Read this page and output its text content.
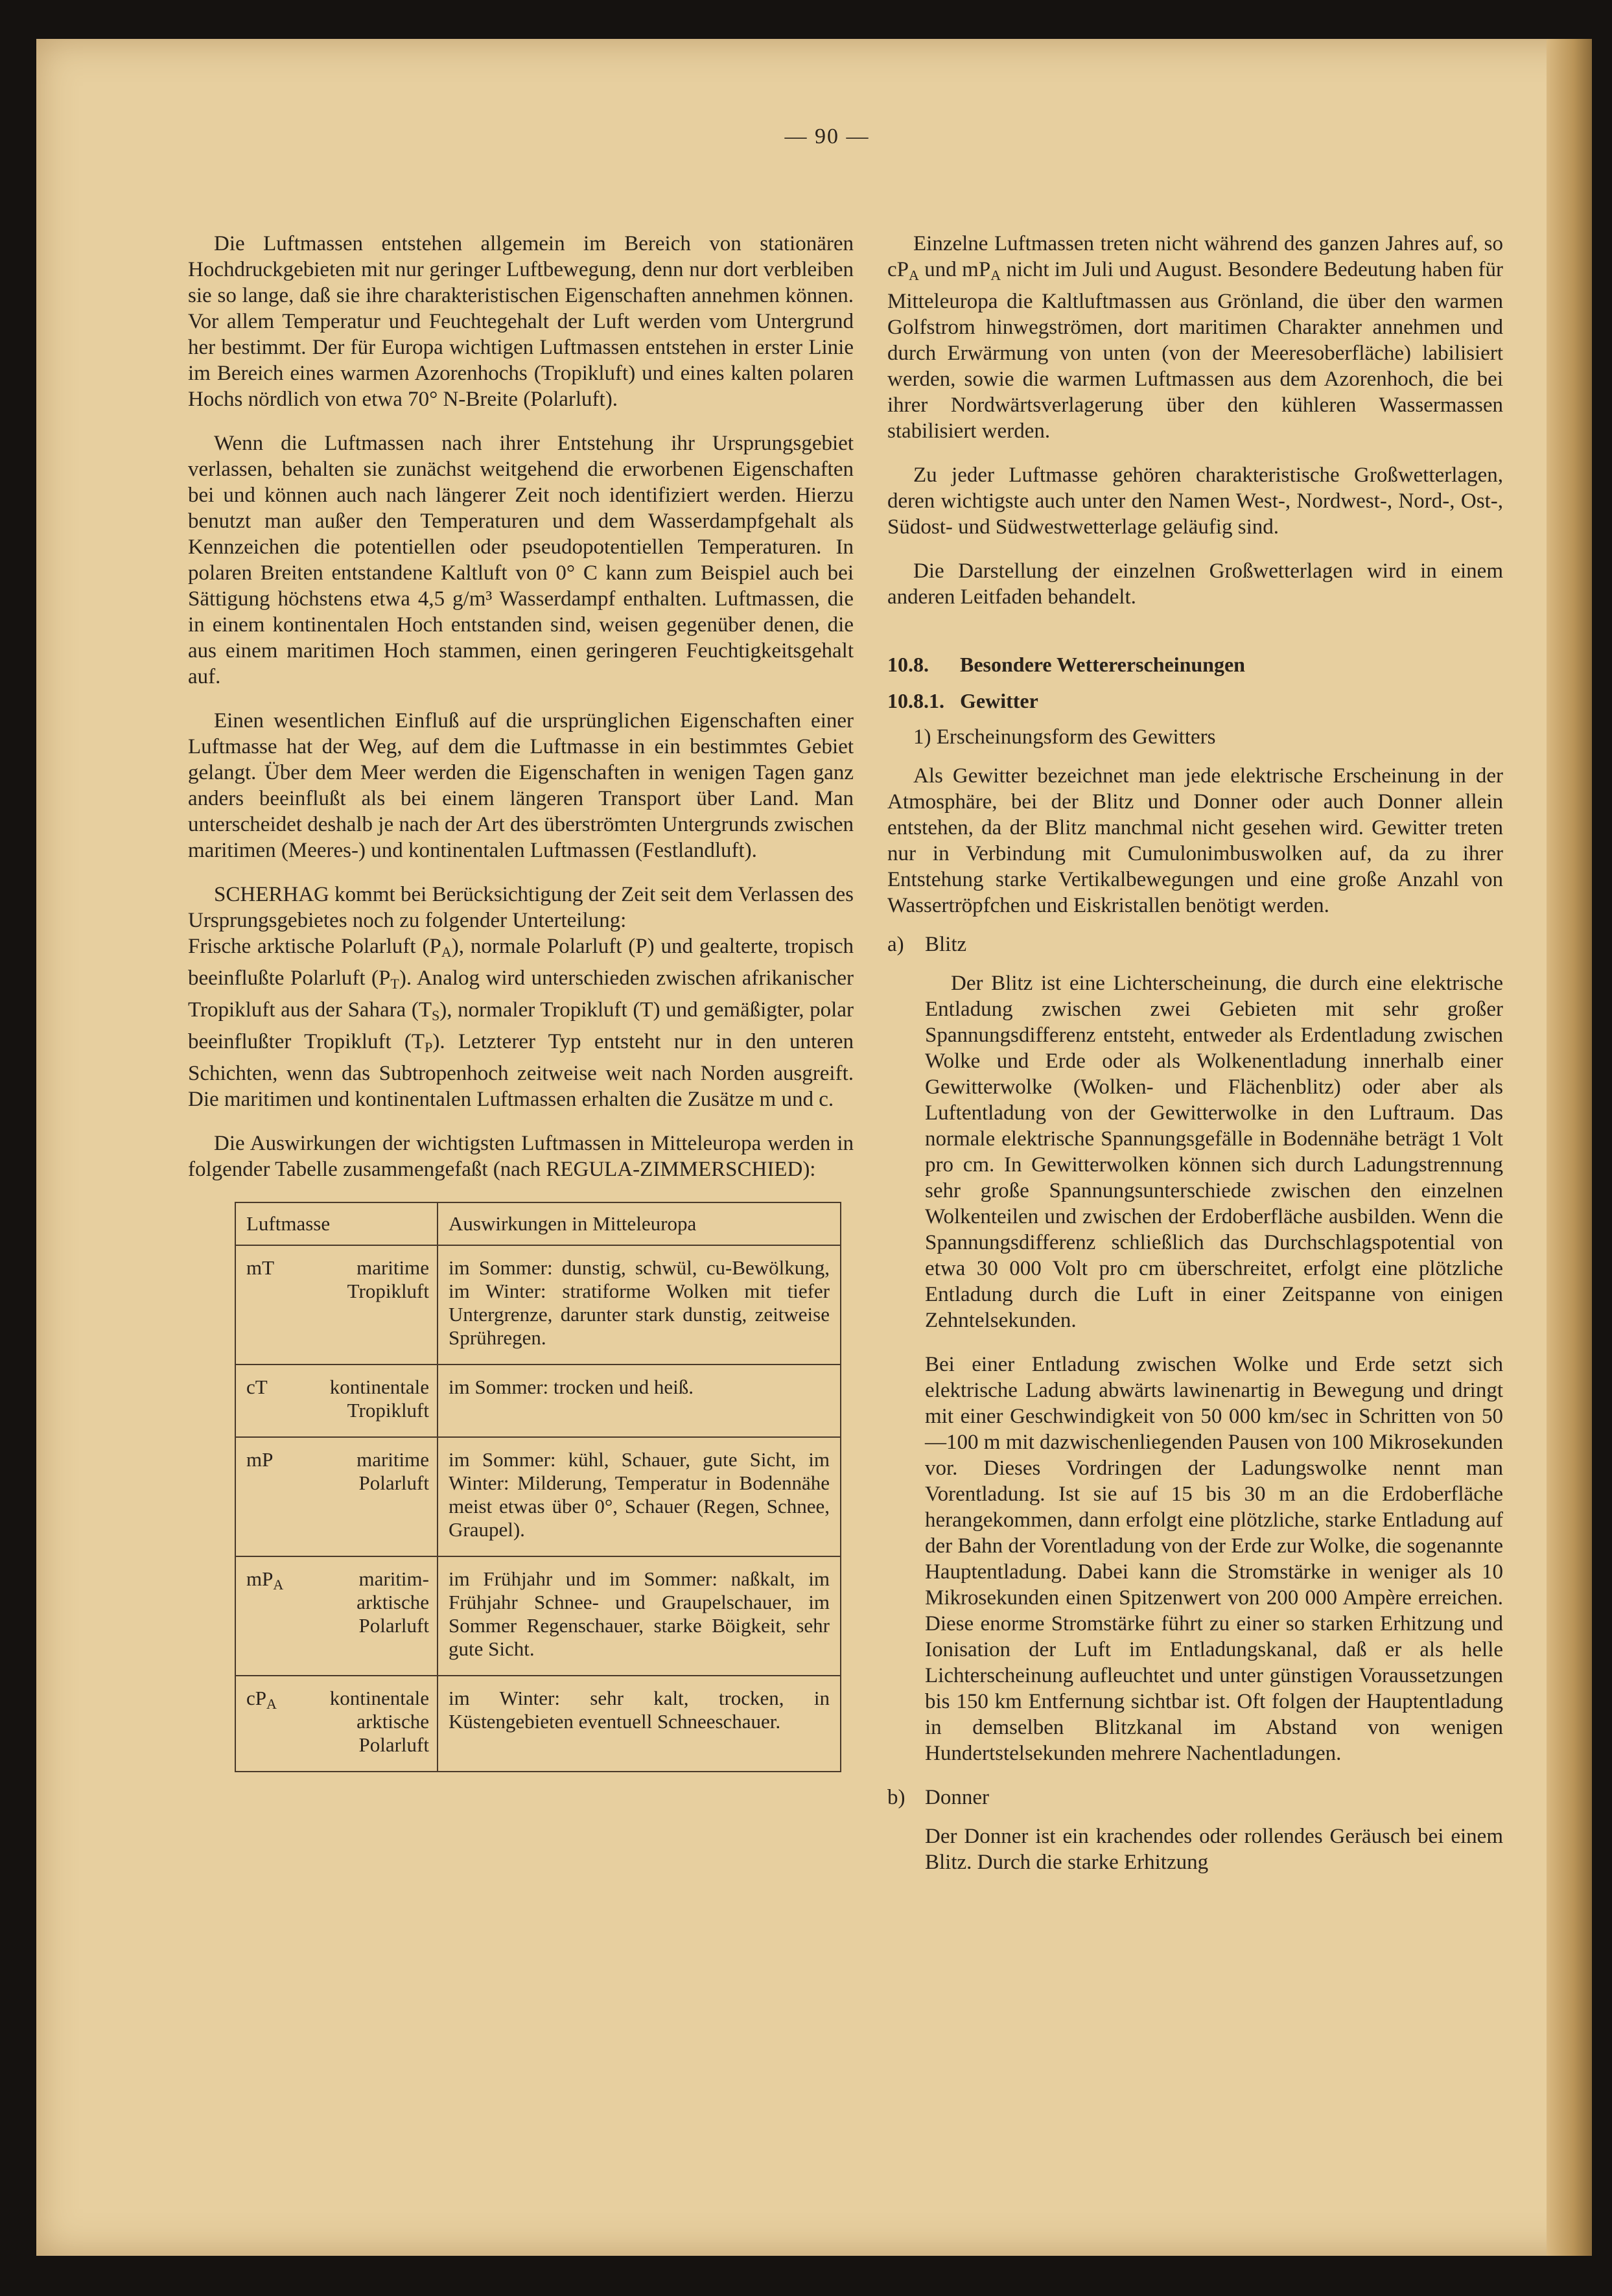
— 90 —

Die Luftmassen entstehen allgemein im Bereich von stationären Hochdruckgebieten mit nur geringer Luftbewegung, denn nur dort verbleiben sie so lange, daß sie ihre charakteristischen Eigenschaften annehmen können. Vor allem Temperatur und Feuchtegehalt der Luft werden vom Untergrund her bestimmt. Der für Europa wichtigen Luftmassen entstehen in erster Linie im Bereich eines warmen Azorenhochs (Tropikluft) und eines kalten polaren Hochs nördlich von etwa 70° N-Breite (Polarluft).

Wenn die Luftmassen nach ihrer Entstehung ihr Ursprungsgebiet verlassen, behalten sie zunächst weitgehend die erworbenen Eigenschaften bei und können auch nach längerer Zeit noch identifiziert werden. Hierzu benutzt man außer den Temperaturen und dem Wasserdampfgehalt als Kennzeichen die potentiellen oder pseudopotentiellen Temperaturen. In polaren Breiten entstandene Kaltluft von 0° C kann zum Beispiel auch bei Sättigung höchstens etwa 4,5 g/m³ Wasserdampf enthalten. Luftmassen, die in einem kontinentalen Hoch entstanden sind, weisen gegenüber denen, die aus einem maritimen Hoch stammen, einen geringeren Feuchtigkeitsgehalt auf.

Einen wesentlichen Einfluß auf die ursprünglichen Eigenschaften einer Luftmasse hat der Weg, auf dem die Luftmasse in ein bestimmtes Gebiet gelangt. Über dem Meer werden die Eigenschaften in wenigen Tagen ganz anders beeinflußt als bei einem längeren Transport über Land. Man unterscheidet deshalb je nach der Art des überströmten Untergrunds zwischen maritimen (Meeres-) und kontinentalen Luftmassen (Festlandluft).

SCHERHAG kommt bei Berücksichtigung der Zeit seit dem Verlassen des Ursprungsgebietes noch zu folgender Unterteilung:

Frische arktische Polarluft $(P_A)$, normale Polarluft (P) und gealterte, tropisch beeinflußte Polarluft $(P_T)$. Analog wird unterschieden zwischen afrikanischer Tropikluft aus der Sahara $(T_S)$, normaler Tropikluft (T) und gemäßigter, polar beeinflußter Tropikluft $(T_P)$. Letzterer Typ entsteht nur in den unteren Schichten, wenn das Subtropenhoch zeitweise weit nach Norden ausgreift. Die maritimen und kontinentalen Luftmassen erhalten die Zusätze m und c.

Die Auswirkungen der wichtigsten Luftmassen in Mitteleuropa werden in folgender Tabelle zusammengefaßt (nach REGULA-ZIMMERSCHIED):

Luftmasse		Auswirkungen in Mitteleuropa
mT	maritime Tropikluft	im Sommer: dunstig, schwül, cu-Bewölkung, im Winter: stratiforme Wolken mit tiefer Untergrenze, darunter stark dunstig, zeitweise Sprühregen.
cT	kontinentale Tropikluft	im Sommer: trocken und heiß.
mP	maritime Polarluft	im Sommer: kühl, Schauer, gute Sicht, im Winter: Milderung, Temperatur in Bodennähe meist etwas über 0°, Schauer (Regen, Schnee, Graupel).
$mP_A$	maritim-arktische Polarluft	im Frühjahr und im Sommer: naßkalt, im Frühjahr Schnee- und Graupelschauer, im Sommer Regenschauer, starke Böigkeit, sehr gute Sicht.
$cP_A$	kontinentale arktische Polarluft	im Winter: sehr kalt, trocken, in Küstengebieten eventuell Schneeschauer.

Einzelne Luftmassen treten nicht während des ganzen Jahres auf, so $cP_A$ und $mP_A$ nicht im Juli und August. Besondere Bedeutung haben für Mitteleuropa die Kaltluftmassen aus Grönland, die über den warmen Golfstrom hinwegströmen, dort maritimen Charakter annehmen und durch Erwärmung von unten (von der Meeresoberfläche) labilisiert werden, sowie die warmen Luftmassen aus dem Azorenhoch, die bei ihrer Nordwärtsverlagerung über den kühleren Wassermassen stabilisiert werden.

Zu jeder Luftmasse gehören charakteristische Großwetterlagen, deren wichtigste auch unter den Namen West-, Nordwest-, Nord-, Ost-, Südost- und Südwestwetterlage geläufig sind.

Die Darstellung der einzelnen Großwetterlagen wird in einem anderen Leitfaden behandelt.

10.8. Besondere Wettererscheinungen
10.8.1. Gewitter
1) Erscheinungsform des Gewitters

Als Gewitter bezeichnet man jede elektrische Erscheinung in der Atmosphäre, bei der Blitz und Donner oder auch Donner allein entstehen, da der Blitz manchmal nicht gesehen wird. Gewitter treten nur in Verbindung mit Cumulonimbuswolken auf, da zu ihrer Entstehung starke Vertikalbewegungen und eine große Anzahl von Wassertröpfchen und Eiskristallen benötigt werden.

a) Blitz

Der Blitz ist eine Lichterscheinung, die durch eine elektrische Entladung zwischen zwei Gebieten mit sehr großer Spannungsdifferenz entsteht, entweder als Erdentladung zwischen Wolke und Erde oder als Wolkenentladung innerhalb einer Gewitterwolke (Wolken- und Flächenblitz) oder aber als Luftentladung von der Gewitterwolke in den Luftraum. Das normale elektrische Spannungsgefälle in Bodennähe beträgt 1 Volt pro cm. In Gewitterwolken können sich durch Ladungstrennung sehr große Spannungsunterschiede zwischen den einzelnen Wolkenteilen und zwischen der Erdoberfläche ausbilden. Wenn die Spannungsdifferenz schließlich das Durchschlagspotential von etwa 30 000 Volt pro cm überschreitet, erfolgt eine plötzliche Entladung durch die Luft in einer Zeitspanne von einigen Zehntelsekunden.

Bei einer Entladung zwischen Wolke und Erde setzt sich elektrische Ladung abwärts lawinenartig in Bewegung und dringt mit einer Geschwindigkeit von 50 000 km/sec in Schritten von 50—100 m mit dazwischenliegenden Pausen von 100 Mikrosekunden vor. Dieses Vordringen der Ladungswolke nennt man Vorentladung. Ist sie auf 15 bis 30 m an die Erdoberfläche herangekommen, dann erfolgt eine plötzliche, starke Entladung auf der Bahn der Vorentladung von der Erde zur Wolke, die sogenannte Hauptentladung. Dabei kann die Stromstärke in weniger als 10 Mikrosekunden einen Spitzenwert von 200 000 Ampère erreichen. Diese enorme Stromstärke führt zu einer so starken Erhitzung und Ionisation der Luft im Entladungskanal, daß er als helle Lichterscheinung aufleuchtet und unter günstigen Voraussetzungen bis 150 km Entfernung sichtbar ist. Oft folgen der Hauptentladung in demselben Blitzkanal im Abstand von wenigen Hundertstelsekunden mehrere Nachentladungen.

b) Donner

Der Donner ist ein krachendes oder rollendes Geräusch bei einem Blitz. Durch die starke Erhitzung
